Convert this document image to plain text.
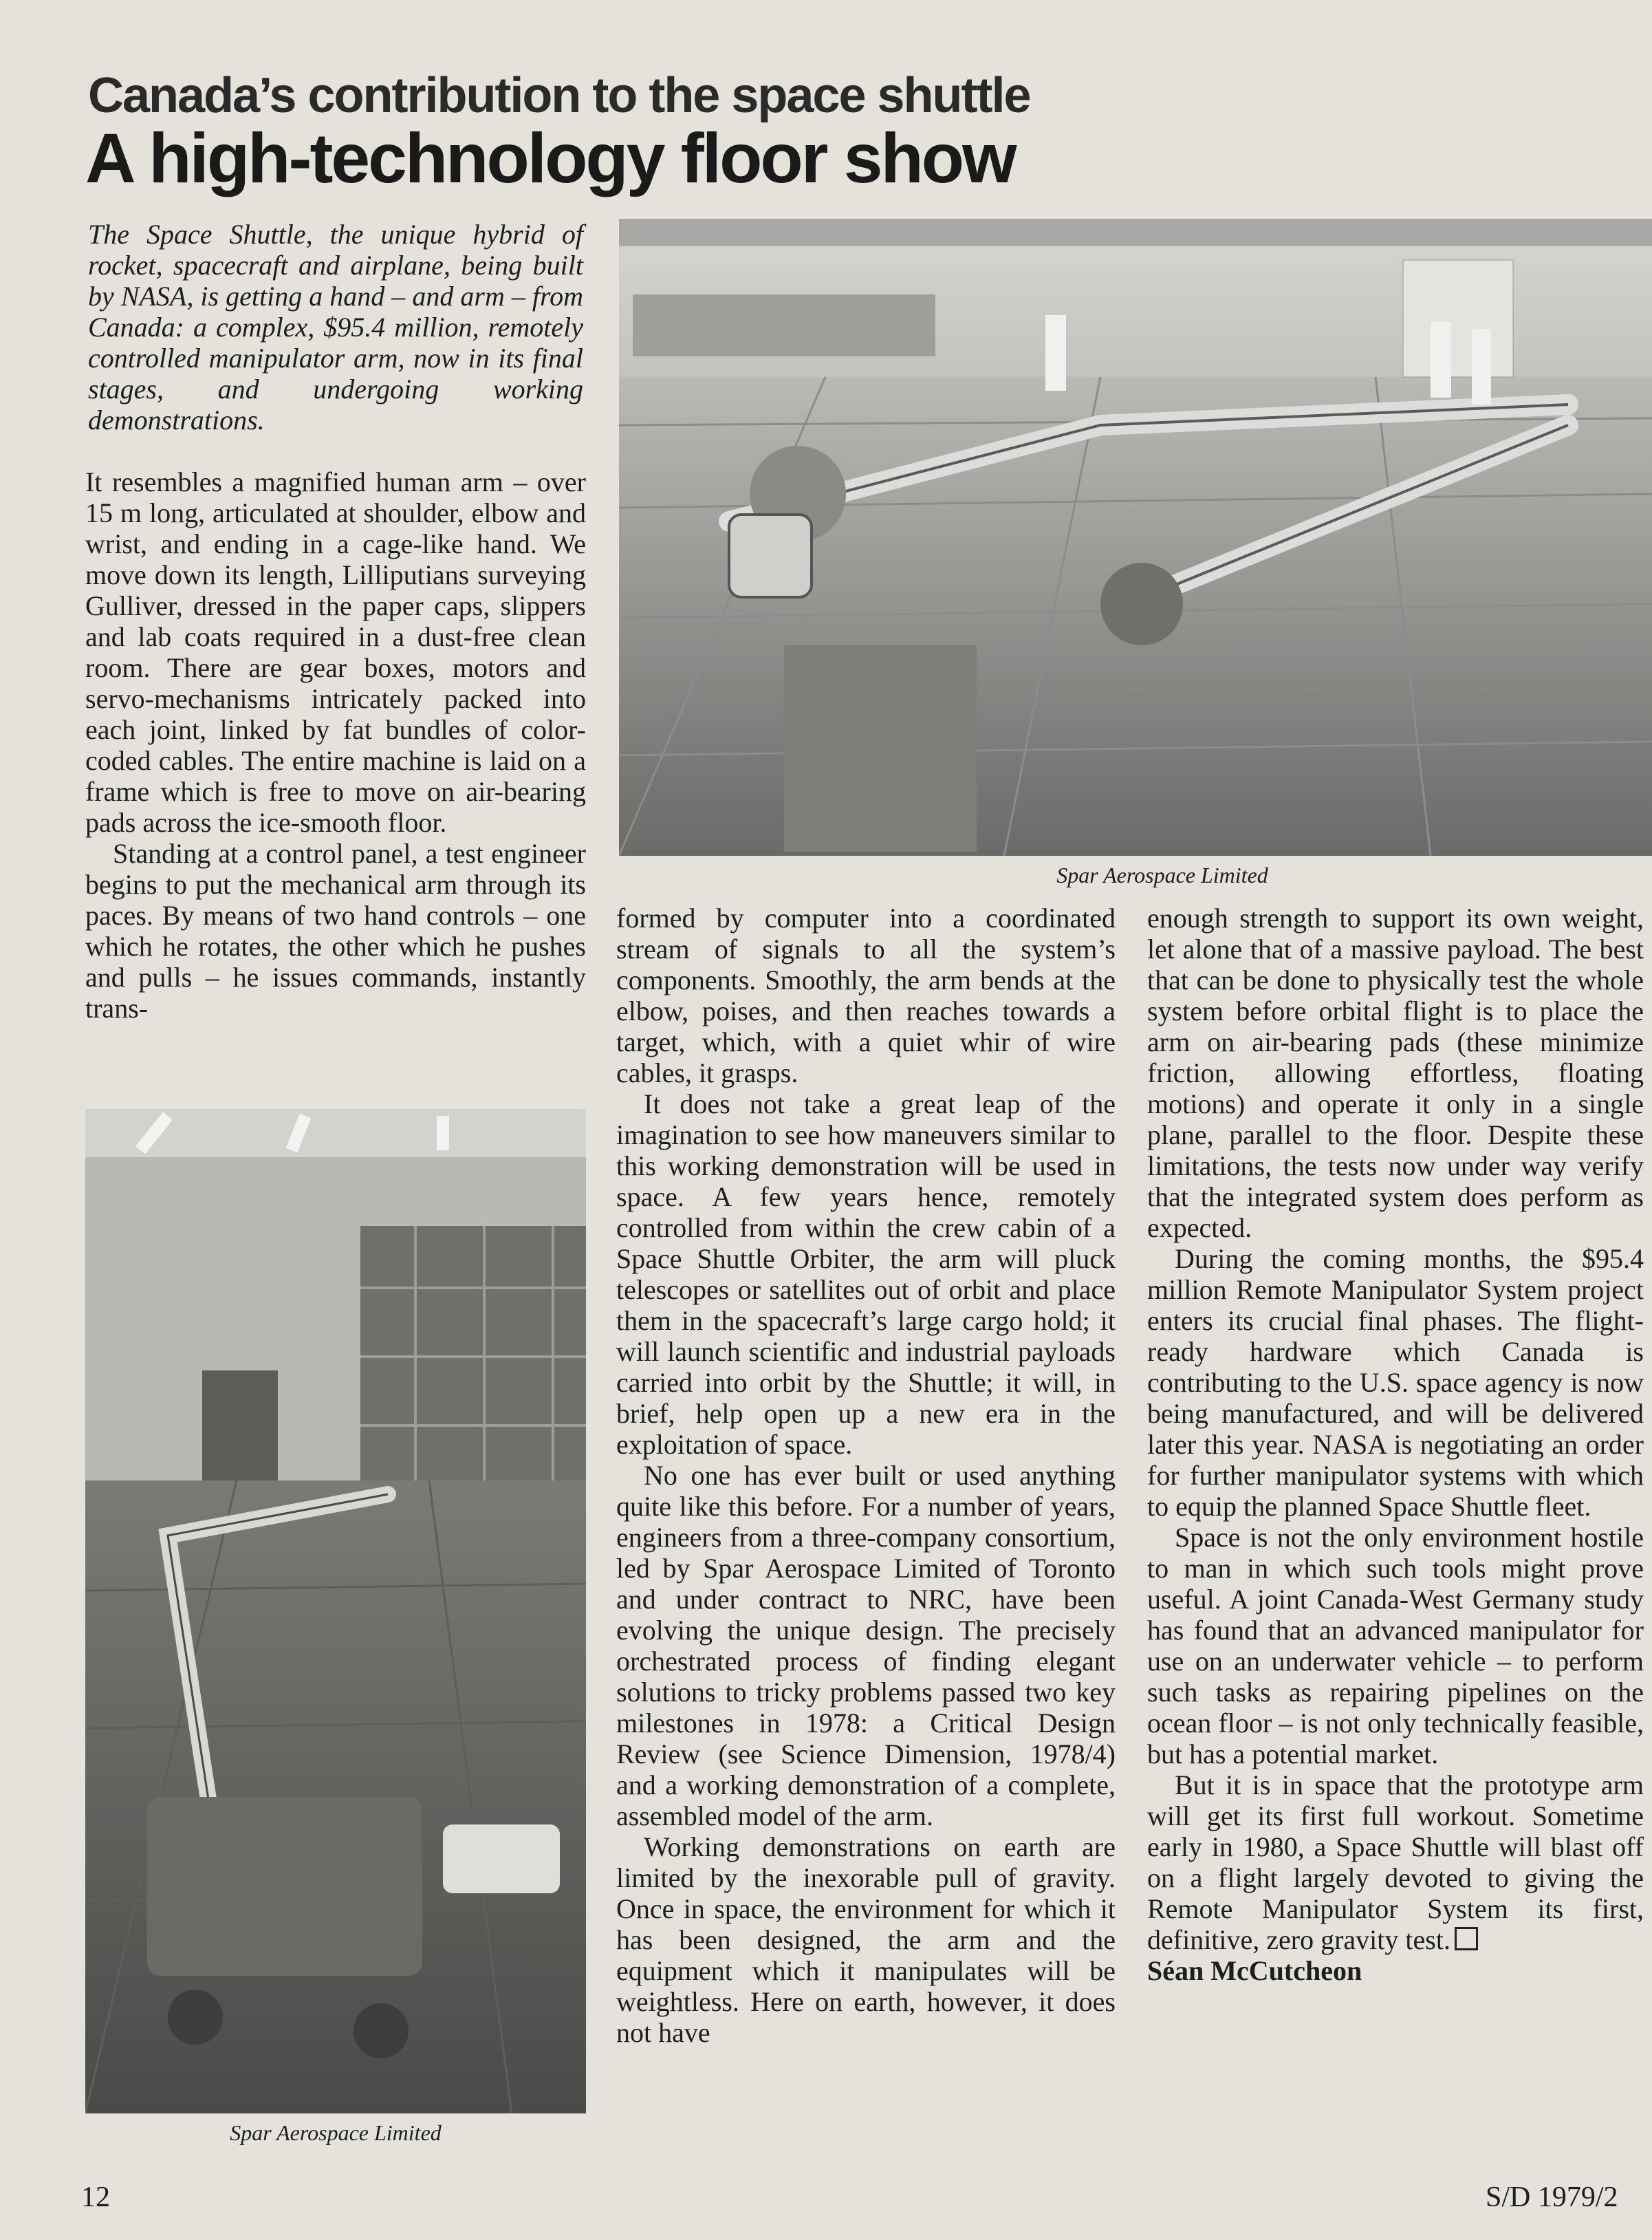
Canada’s contribution to the space shuttle
A high-technology floor show

The Space Shuttle, the unique hybrid of rocket, spacecraft and airplane, being built by NASA, is getting a hand – and arm – from Canada: a complex, $95.4 million, remotely controlled manipulator arm, now in its final stages, and undergoing working demonstrations.

It resembles a magnified human arm – over 15 m long, articulated at shoulder, elbow and wrist, and ending in a cage-like hand. We move down its length, Lilliputians surveying Gulliver, dressed in the paper caps, slippers and lab coats required in a dust-free clean room. There are gear boxes, motors and servo-mechanisms intricately packed into each joint, linked by fat bundles of color-coded cables. The entire machine is laid on a frame which is free to move on air-bearing pads across the ice-smooth floor.

Standing at a control panel, a test engineer begins to put the mechanical arm through its paces. By means of two hand controls – one which he rotates, the other which he pushes and pulls – he issues commands, instantly trans-

Spar Aerospace Limited
Spar Aerospace Limited

formed by computer into a coordinated stream of signals to all the system’s components. Smoothly, the arm bends at the elbow, poises, and then reaches towards a target, which, with a quiet whir of wire cables, it grasps.

It does not take a great leap of the imagination to see how maneuvers similar to this working demonstration will be used in space. A few years hence, remotely controlled from within the crew cabin of a Space Shuttle Orbiter, the arm will pluck telescopes or satellites out of orbit and place them in the spacecraft’s large cargo hold; it will launch scientific and industrial payloads carried into orbit by the Shuttle; it will, in brief, help open up a new era in the exploitation of space.

No one has ever built or used anything quite like this before. For a number of years, engineers from a three-company consortium, led by Spar Aerospace Limited of Toronto and under contract to NRC, have been evolving the unique design. The precisely orchestrated process of finding elegant solutions to tricky problems passed two key milestones in 1978: a Critical Design Review (see Science Dimension, 1978/4) and a working demonstration of a complete, assembled model of the arm.

Working demonstrations on earth are limited by the inexorable pull of gravity. Once in space, the environment for which it has been designed, the arm and the equipment which it manipulates will be weightless. Here on earth, however, it does not have

enough strength to support its own weight, let alone that of a massive payload. The best that can be done to physically test the whole system before orbital flight is to place the arm on air-bearing pads (these minimize friction, allowing effortless, floating motions) and operate it only in a single plane, parallel to the floor. Despite these limitations, the tests now under way verify that the integrated system does perform as expected.

During the coming months, the $95.4 million Remote Manipulator System project enters its crucial final phases. The flight-ready hardware which Canada is contributing to the U.S. space agency is now being manufactured, and will be delivered later this year. NASA is negotiating an order for further manipulator systems with which to equip the planned Space Shuttle fleet.

Space is not the only environment hostile to man in which such tools might prove useful. A joint Canada-West Germany study has found that an advanced manipulator for use on an underwater vehicle – to perform such tasks as repairing pipelines on the ocean floor – is not only technically feasible, but has a potential market.

But it is in space that the prototype arm will get its first full workout. Sometime early in 1980, a Space Shuttle will blast off on a flight largely devoted to giving the Remote Manipulator System its first, definitive, zero gravity test.

Séan McCutcheon

12	S/D 1979/2
